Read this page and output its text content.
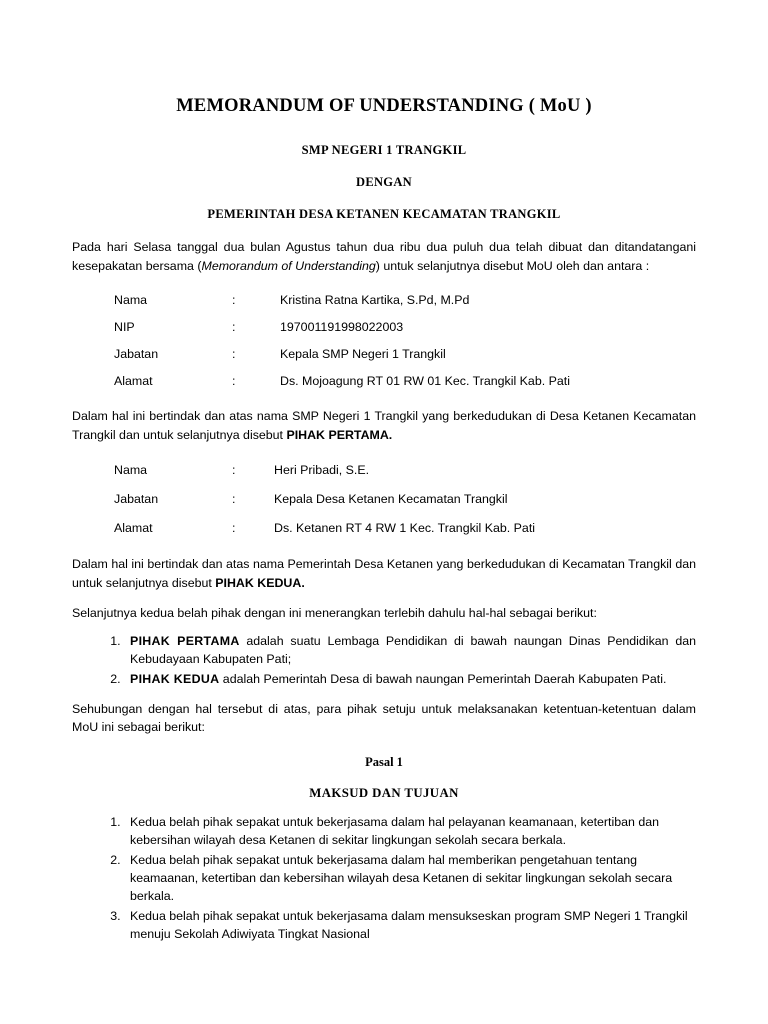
MEMORANDUM OF UNDERSTANDING ( MoU )
SMP NEGERI 1 TRANGKIL
DENGAN
PEMERINTAH DESA KETANEN KECAMATAN TRANGKIL

Pada hari Selasa tanggal dua bulan Agustus tahun dua ribu dua puluh dua telah dibuat dan ditandatangani kesepakatan bersama (Memorandum of Understanding) untuk selanjutnya disebut MoU oleh dan antara :

Nama	:	Kristina Ratna Kartika, S.Pd, M.Pd
NIP	:	197001191998022003
Jabatan	:	Kepala SMP Negeri 1 Trangkil
Alamat	:	Ds. Mojoagung RT 01 RW 01 Kec. Trangkil Kab. Pati

Dalam hal ini bertindak dan atas nama SMP Negeri 1 Trangkil yang berkedudukan di Desa Ketanen Kecamatan Trangkil dan untuk selanjutnya disebut PIHAK PERTAMA.

Nama	:	Heri Pribadi, S.E.
Jabatan	:	Kepala Desa Ketanen Kecamatan Trangkil
Alamat	:	Ds. Ketanen RT 4 RW 1 Kec. Trangkil Kab. Pati

Dalam hal ini bertindak dan atas nama Pemerintah Desa Ketanen yang berkedudukan di Kecamatan Trangkil dan untuk selanjutnya disebut PIHAK KEDUA.

Selanjutnya kedua belah pihak dengan ini menerangkan terlebih dahulu hal-hal sebagai berikut:

1. PIHAK PERTAMA adalah suatu Lembaga Pendidikan di bawah naungan Dinas Pendidikan dan Kebudayaan Kabupaten Pati;
2. PIHAK KEDUA adalah Pemerintah Desa di bawah naungan Pemerintah Daerah Kabupaten Pati.

Sehubungan dengan hal tersebut di atas, para pihak setuju untuk melaksanakan ketentuan-ketentuan dalam MoU ini sebagai berikut:

Pasal 1
MAKSUD DAN TUJUAN
1. Kedua belah pihak sepakat untuk bekerjasama dalam hal pelayanan keamanaan, ketertiban dan kebersihan wilayah desa Ketanen di sekitar lingkungan sekolah secara berkala.
2. Kedua belah pihak sepakat untuk bekerjasama dalam hal memberikan pengetahuan tentang keamaanan, ketertiban dan kebersihan wilayah desa Ketanen di sekitar lingkungan sekolah secara berkala.
3. Kedua belah pihak sepakat untuk bekerjasama dalam mensukseskan program SMP Negeri 1 Trangkil menuju Sekolah Adiwiyata Tingkat Nasional
